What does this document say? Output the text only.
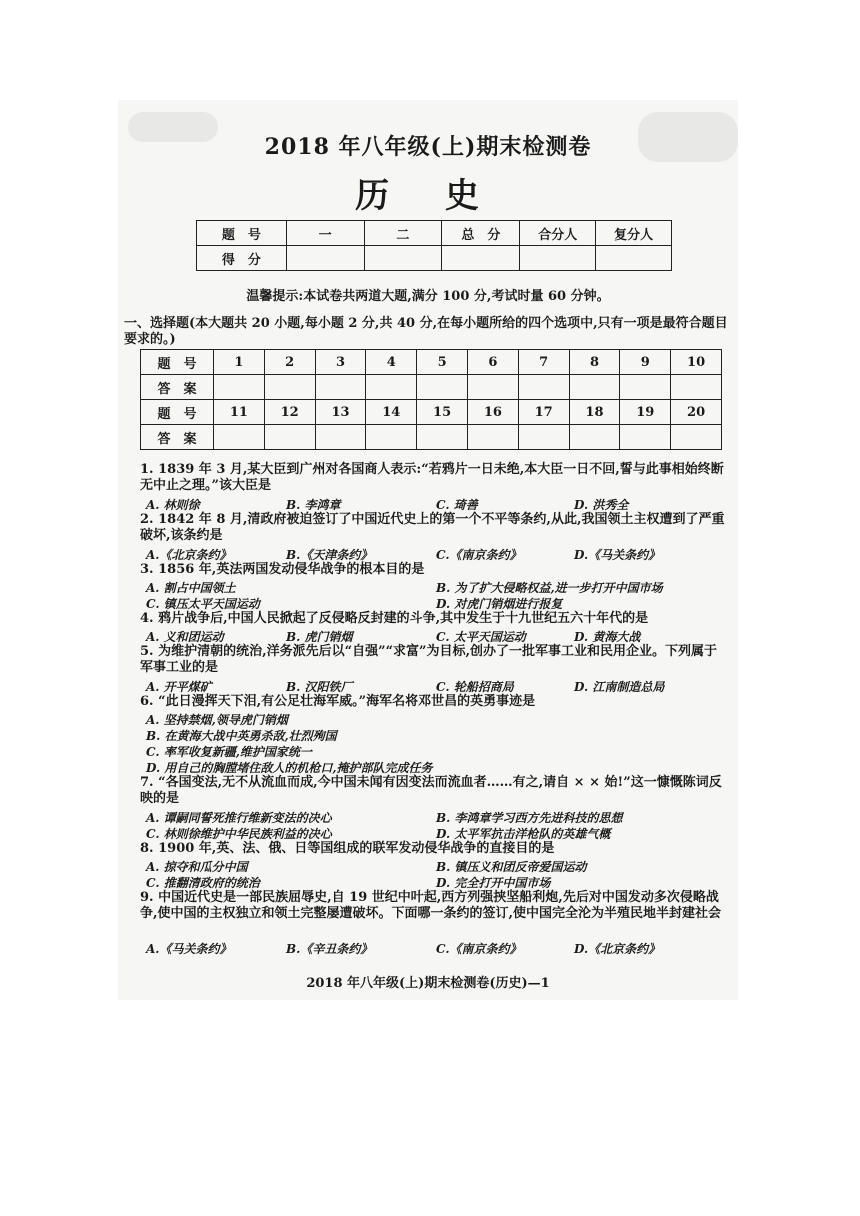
2018 年八年级(上)期末检测卷
历 史
题　号	一	二	总　分	合分人	复分人
得　分					
温馨提示:本试卷共两道大题,满分 100 分,考试时量 60 分钟。
一、选择题(本大题共 20 小题,每小题 2 分,共 40 分,在每小题所给的四个选项中,只有一项是最符合题目要求的。)
题　号	1	2	3	4	5	6	7	8	9	10
答　案										
题　号	11	12	13	14	15	16	17	18	19	20
答　案										
1. 1839 年 3 月,某大臣到广州对各国商人表示:“若鸦片一日未绝,本大臣一日不回,誓与此事相始终断无中止之理。”该大臣是
A. 林则徐	B. 李鸿章	C. 琦善	D. 洪秀全
2. 1842 年 8 月,清政府被迫签订了中国近代史上的第一个不平等条约,从此,我国领土主权遭到了严重破坏,该条约是
A.《北京条约》	B.《天津条约》	C.《南京条约》	D.《马关条约》
3. 1856 年,英法两国发动侵华战争的根本目的是
A. 割占中国领土	B. 为了扩大侵略权益,进一步打开中国市场
C. 镇压太平天国运动	D. 对虎门销烟进行报复
4. 鸦片战争后,中国人民掀起了反侵略反封建的斗争,其中发生于十九世纪五六十年代的是
A. 义和团运动	B. 虎门销烟	C. 太平天国运动	D. 黄海大战
5. 为维护清朝的统治,洋务派先后以“自强”“求富”为目标,创办了一批军事工业和民用企业。下列属于军事工业的是
A. 开平煤矿	B. 汉阳铁厂	C. 轮船招商局	D. 江南制造总局
6. “此日漫挥天下泪,有公足壮海军威。”海军名将邓世昌的英勇事迹是
A. 坚持禁烟,领导虎门销烟
B. 在黄海大战中英勇杀敌,壮烈殉国
C. 率军收复新疆,维护国家统一
D. 用自己的胸膛堵住敌人的机枪口,掩护部队完成任务
7. “各国变法,无不从流血而成,今中国未闻有因变法而流血者……有之,请自 × × 始!”这一慷慨陈词反映的是
A. 谭嗣同誓死推行维新变法的决心	B. 李鸿章学习西方先进科技的思想
C. 林则徐维护中华民族利益的决心	D. 太平军抗击洋枪队的英雄气概
8. 1900 年,英、法、俄、日等国组成的联军发动侵华战争的直接目的是
A. 掠夺和瓜分中国	B. 镇压义和团反帝爱国运动
C. 推翻清政府的统治	D. 完全打开中国市场
9. 中国近代史是一部民族屈辱史,自 19 世纪中叶起,西方列强挟坚船利炮,先后对中国发动多次侵略战争,使中国的主权独立和领土完整屡遭破坏。下面哪一条约的签订,使中国完全沦为半殖民地半封建社会
A.《马关条约》	B.《辛丑条约》	C.《南京条约》	D.《北京条约》
2018 年八年级(上)期末检测卷(历史)—1
